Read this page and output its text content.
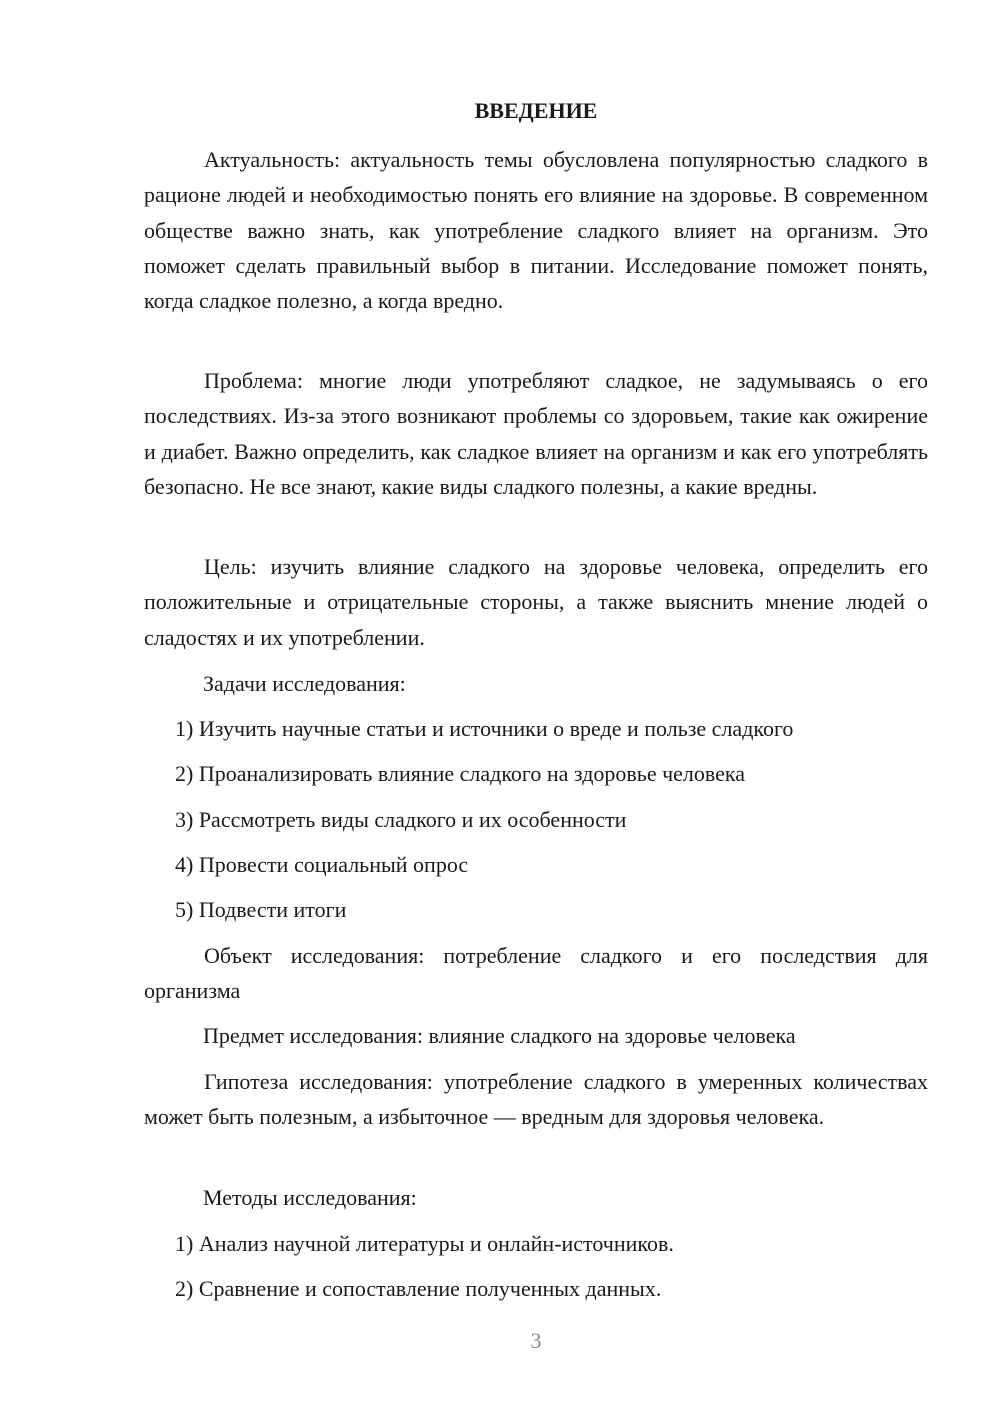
ВВЕДЕНИЕ

Актуальность: актуальность темы обусловлена популярностью сладкого в рационе людей и необходимостью понять его влияние на здоровье. В современном обществе важно знать, как употребление сладкого влияет на организм. Это поможет сделать правильный выбор в питании. Исследование поможет понять, когда сладкое полезно, а когда вредно.

Проблема: многие люди употребляют сладкое, не задумываясь о его последствиях. Из-за этого возникают проблемы со здоровьем, такие как ожирение и диабет. Важно определить, как сладкое влияет на организм и как его употреблять безопасно. Не все знают, какие виды сладкого полезны, а какие вредны.

Цель: изучить влияние сладкого на здоровье человека, определить его положительные и отрицательные стороны, а также выяснить мнение людей о сладостях и их употреблении.

Задачи исследования:
1) Изучить научные статьи и источники о вреде и пользе сладкого
2) Проанализировать влияние сладкого на здоровье человека
3) Рассмотреть виды сладкого и их особенности
4) Провести социальный опрос
5) Подвести итоги

Объект исследования: потребление сладкого и его последствия для организма

Предмет исследования: влияние сладкого на здоровье человека

Гипотеза исследования: употребление сладкого в умеренных количествах может быть полезным, а избыточное — вредным для здоровья человека.

Методы исследования:
1) Анализ научной литературы и онлайн-источников.
2) Сравнение и сопоставление полученных данных.
3
